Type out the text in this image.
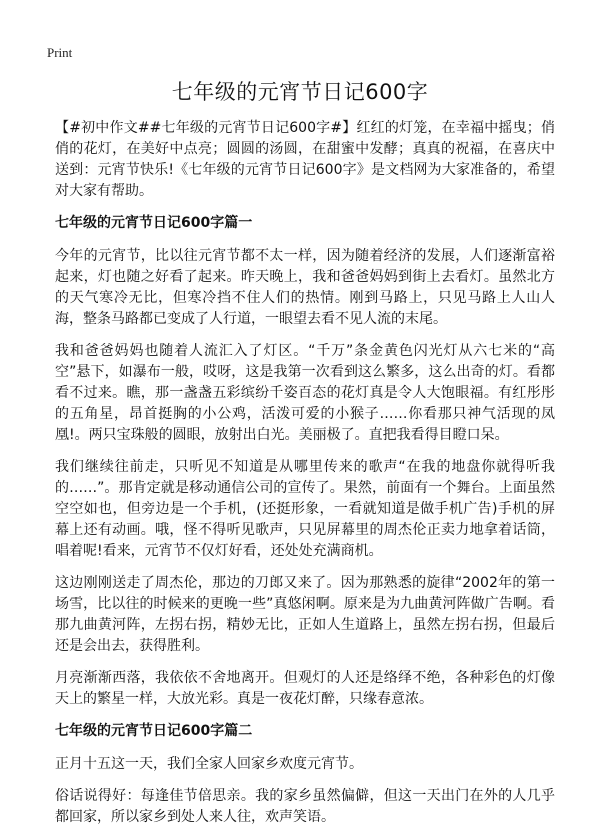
Print
七年级的元宵节日记600字

【#初中作文##七年级的元宵节日记600字#】红红的灯笼，在幸福中摇曳；俏俏的花灯，在美好中点亮；圆圆的汤圆，在甜蜜中发酵；真真的祝福，在喜庆中送到：元宵节快乐!《七年级的元宵节日记600字》是文档网为大家准备的，希望对大家有帮助。

七年级的元宵节日记600字篇一

今年的元宵节，比以往元宵节都不太一样，因为随着经济的发展，人们逐渐富裕起来，灯也随之好看了起来。昨天晚上，我和爸爸妈妈到街上去看灯。虽然北方的天气寒冷无比，但寒冷挡不住人们的热情。刚到马路上，只见马路上人山人海，整条马路都已变成了人行道，一眼望去看不见人流的末尾。

我和爸爸妈妈也随着人流汇入了灯区。“千万”条金黄色闪光灯从六七米的“高空”悬下，如瀑布一般，哎呀，这是我第一次看到这么繁多，这么出奇的灯。看都看不过来。瞧，那一盏盏五彩缤纷千姿百态的花灯真是令人大饱眼福。有红彤彤的五角星，昂首挺胸的小公鸡，活泼可爱的小猴子……你看那只神气活现的凤凰!。两只宝珠般的圆眼，放射出白光。美丽极了。直把我看得目瞪口呆。

我们继续往前走，只听见不知道是从哪里传来的歌声“在我的地盘你就得听我的……”。那肯定就是移动通信公司的宣传了。果然，前面有一个舞台。上面虽然空空如也，但旁边是一个手机，(还挺形象，一看就知道是做手机广告)手机的屏幕上还有动画。哦，怪不得听见歌声，只见屏幕里的周杰伦正卖力地拿着话筒，唱着呢!看来，元宵节不仅灯好看，还处处充满商机。

这边刚刚送走了周杰伦，那边的刀郎又来了。因为那熟悉的旋律“2002年的第一场雪，比以往的时候来的更晚一些”真悠闲啊。原来是为九曲黄河阵做广告啊。看那九曲黄河阵，左拐右拐，精妙无比，正如人生道路上，虽然左拐右拐，但最后还是会出去，获得胜利。

月亮渐渐西落，我依依不舍地离开。但观灯的人还是络绎不绝，各种彩色的灯像天上的繁星一样，大放光彩。真是一夜花灯醉，只缘春意浓。

七年级的元宵节日记600字篇二

正月十五这一天，我们全家人回家乡欢度元宵节。

俗话说得好：每逢佳节倍思亲。我的家乡虽然偏僻，但这一天出门在外的人几乎都回家，所以家乡到处人来人往，欢声笑语。
